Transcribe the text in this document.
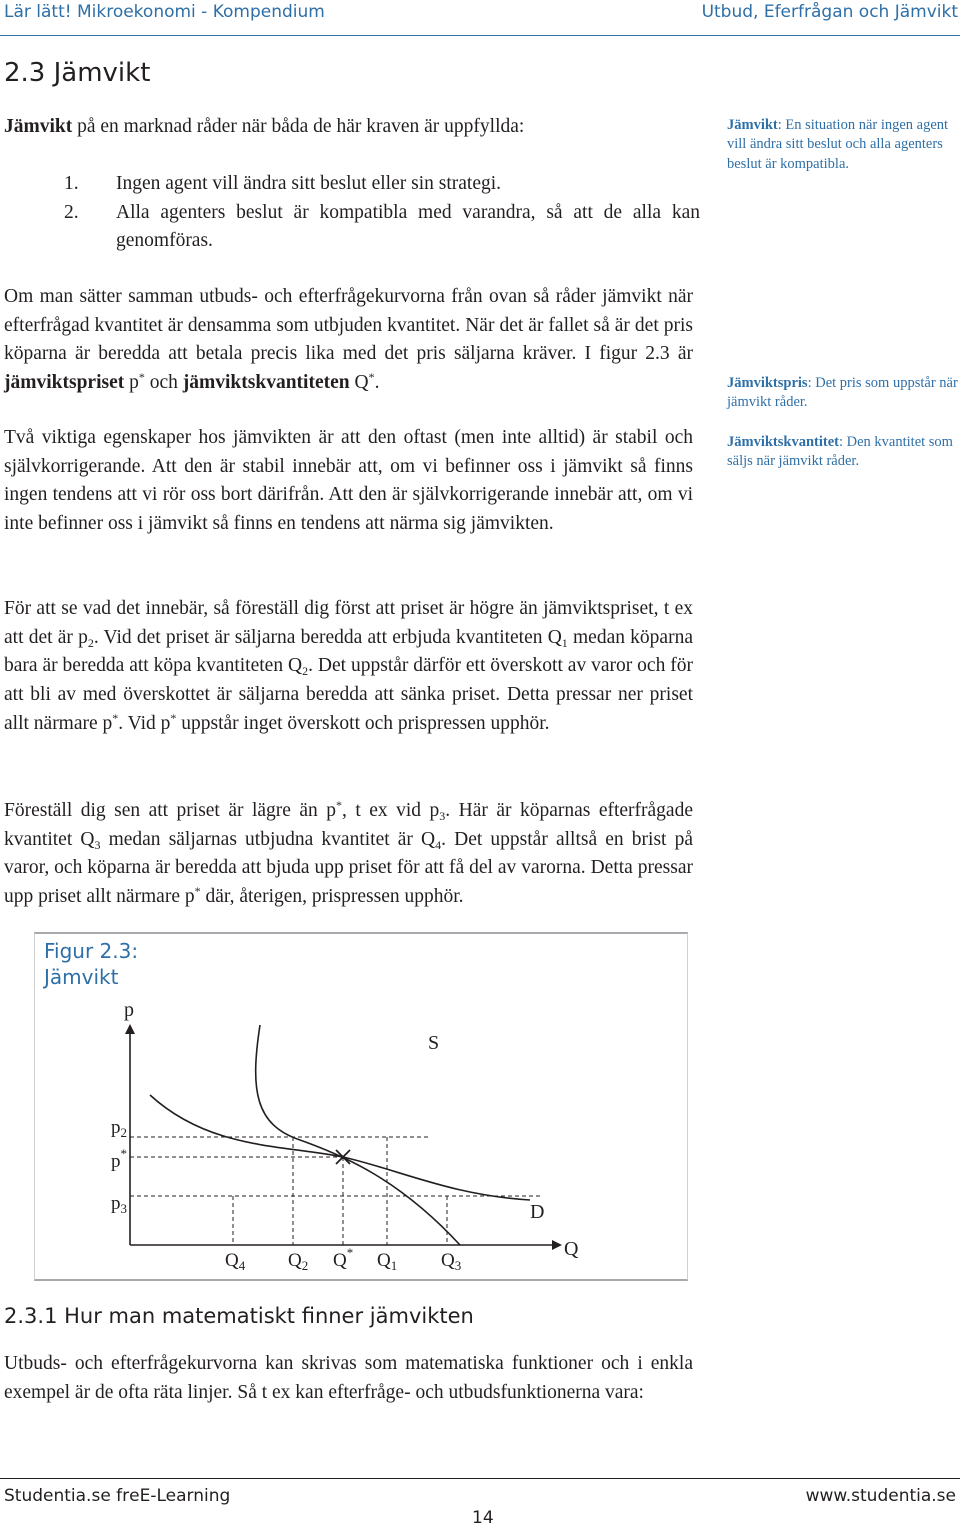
Lär lätt! Mikroekonomi - Kompendium	Utbud, Eferfrågan och Jämvikt
2.3 Jämvikt
Jämvikt på en marknad råder när båda de här kraven är uppfyllda:
1. Ingen agent vill ändra sitt beslut eller sin strategi.
2. Alla agenters beslut är kompatibla med varandra, så att de alla kan genomföras.
Om man sätter samman utbuds- och efterfrågekurvorna från ovan så råder jämvikt när efterfrågad kvantitet är densamma som utbjuden kvantitet. När det är fallet så är det pris köparna är beredda att betala precis lika med det pris säljarna kräver. I figur 2.3 är jämviktspriset p* och jämviktskvantiteten Q*.
Två viktiga egenskaper hos jämvikten är att den oftast (men inte alltid) är stabil och självkorrigerande. Att den är stabil innebär att, om vi befinner oss i jämvikt så finns ingen tendens att vi rör oss bort därifrån. Att den är självkorrigerande innebär att, om vi inte befinner oss i jämvikt så finns en tendens att närma sig jämvikten.
För att se vad det innebär, så föreställ dig först att priset är högre än jämviktspriset, t ex att det är $p_2$. Vid det priset är säljarna beredda att erbjuda kvantiteten $Q_1$ medan köparna bara är beredda att köpa kvantiteten $Q_2$. Det uppstår därför ett överskott av varor och för att bli av med överskottet är säljarna beredda att sänka priset. Detta pressar ner priset allt närmare p*. Vid p* uppstår inget överskott och prispressen upphör.
Föreställ dig sen att priset är lägre än p*, t ex vid $p_3$. Här är köparnas efterfrågade kvantitet $Q_3$ medan säljarnas utbjudna kvantitet är $Q_4$. Det uppstår alltså en brist på varor, och köparna är beredda att bjuda upp priset för att få del av varorna. Detta pressar upp priset allt närmare p* där, återigen, prispressen upphör.
Jämvikt: En situation när ingen agent vill ändra sitt beslut och alla agenters beslut är kompatibla.
Jämviktspris: Det pris som uppstår när jämvikt råder.
Jämviktskvantitet: Den kvantitet som säljs när jämvikt råder.
Figur 2.3:
Jämvikt
p
Q
S
D
$p_2$
p*
$p_3$
$Q_4$ $Q_2$ Q* $Q_1$ $Q_3$
2.3.1 Hur man matematiskt finner jämvikten
Utbuds- och efterfrågekurvorna kan skrivas som matematiska funktioner och i enkla exempel är de ofta räta linjer. Så t ex kan efterfråge- och utbudsfunktionerna vara:
Studentia.se frеE-Learning	www.studentia.se
14
